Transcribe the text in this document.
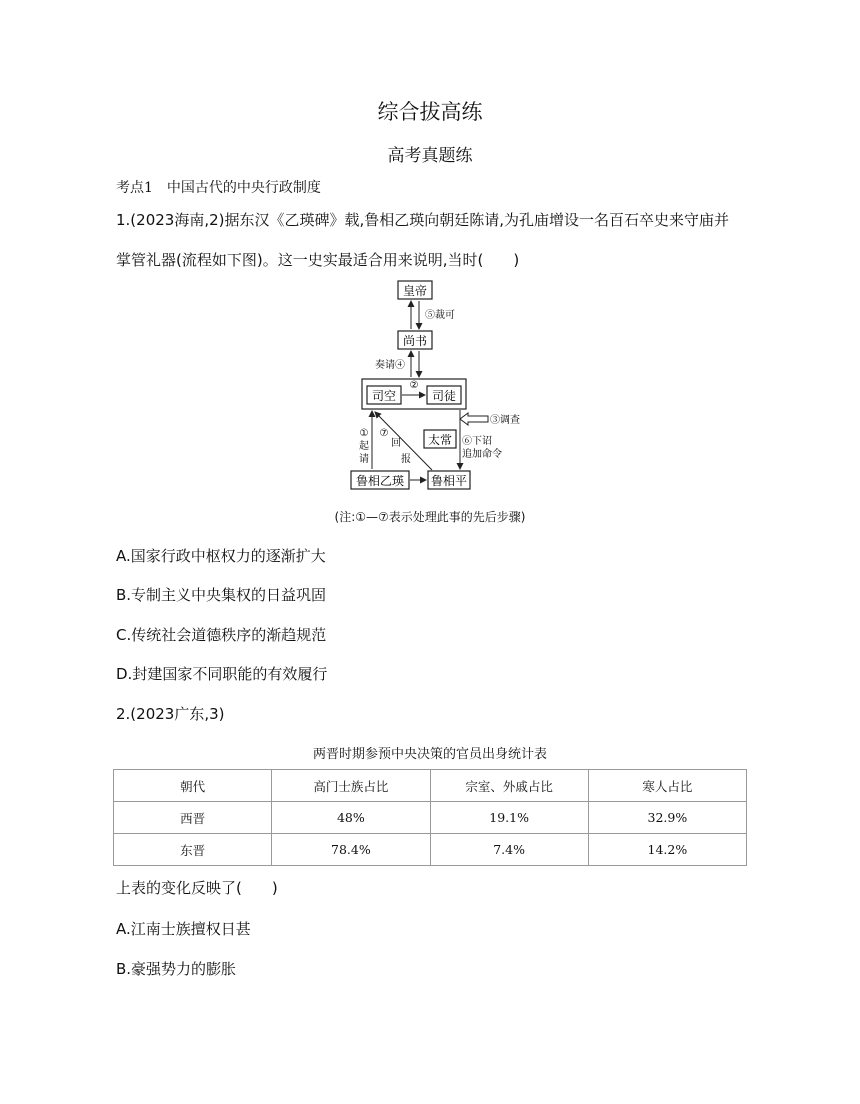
综合拔高练
高考真题练
考点1　中国古代的中央行政制度
1.(2023海南,2)据东汉《乙瑛碑》载,鲁相乙瑛向朝廷陈请,为孔庙增设一名百石卒史来守庙并
掌管礼器(流程如下图)。这一史实最适合用来说明,当时(　　)
皇帝
尚书
司空	司徒
太常
鲁相乙瑛 鲁相平
⑤裁可
奏请④
②
③调查
⑥下诏
追加命令
①
起
请
⑦
回
报
(注:①—⑦表示处理此事的先后步骤)
A.国家行政中枢权力的逐渐扩大
B.专制主义中央集权的日益巩固
C.传统社会道德秩序的渐趋规范
D.封建国家不同职能的有效履行
2.(2023广东,3)
两晋时期参预中央决策的官员出身统计表
朝代	高门士族占比	宗室、外戚占比	寒人占比
西晋	48%	19.1%	32.9%
东晋	78.4%	7.4%	14.2%
上表的变化反映了(　　)
A.江南士族擅权日甚
B.豪强势力的膨胀
